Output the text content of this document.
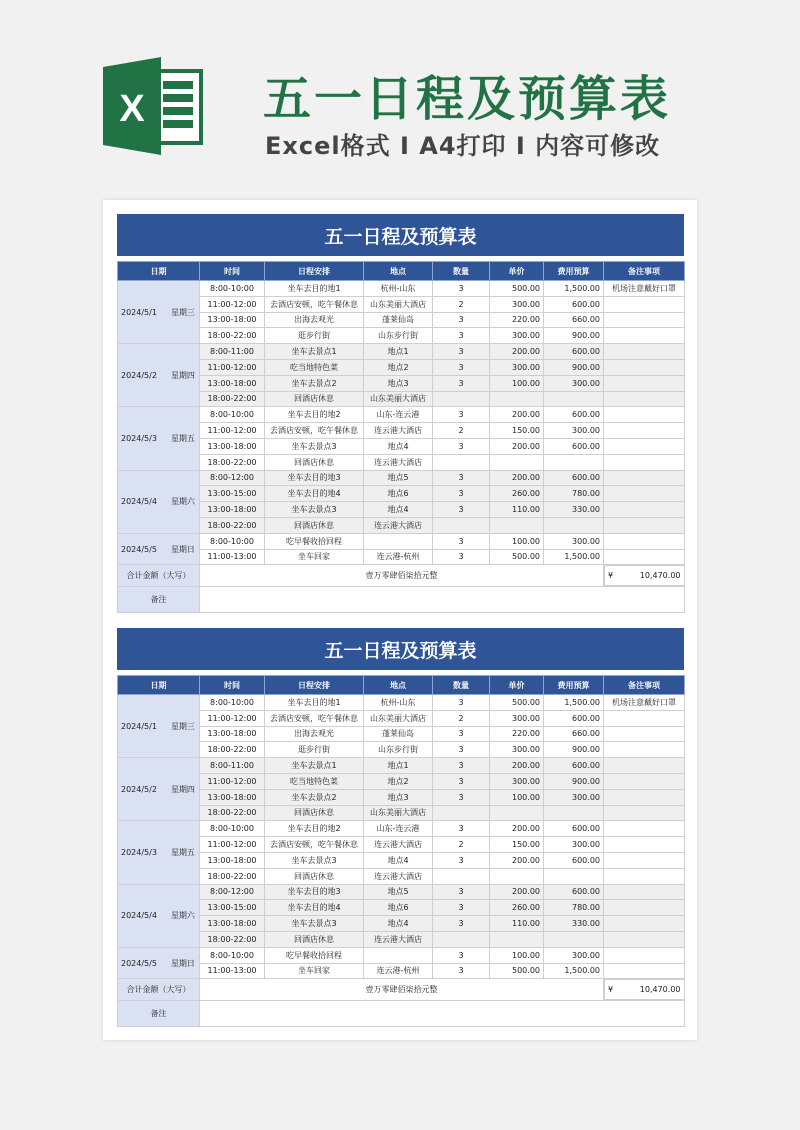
X 五一日程及预算表
Excel格式 I A4打印 I 内容可修改
五一日程及预算表
日期	时间	日程安排	地点	数量	单价	费用预算	备注事项
2024/5/1 星期三	8:00-10:00	坐车去目的地1	杭州-山东	3	500.00	1,500.00	机场注意戴好口罩
	11:00-12:00	去酒店安顿，吃午餐休息	山东美丽大酒店	2	300.00	600.00	
	13:00-18:00	出海去观光	蓬莱仙岛	3	220.00	660.00	
	18:00-22:00	逛步行街	山东步行街	3	300.00	900.00	
2024/5/2 星期四	8:00-11:00	坐车去景点1	地点1	3	200.00	600.00	
	11:00-12:00	吃当地特色菜	地点2	3	300.00	900.00	
	13:00-18:00	坐车去景点2	地点3	3	100.00	300.00	
	18:00-22:00	回酒店休息	山东美丽大酒店				
2024/5/3 星期五	8:00-10:00	坐车去目的地2	山东-连云港	3	200.00	600.00	
	11:00-12:00	去酒店安顿，吃午餐休息	连云港大酒店	2	150.00	300.00	
	13:00-18:00	坐车去景点3	地点4	3	200.00	600.00	
	18:00-22:00	回酒店休息	连云港大酒店				
2024/5/4 星期六	8:00-12:00	坐车去目的地3	地点5	3	200.00	600.00	
	13:00-15:00	坐车去目的地4	地点6	3	260.00	780.00	
	13:00-18:00	坐车去景点3	地点4	3	110.00	330.00	
	18:00-22:00	回酒店休息	连云港大酒店				
2024/5/5 星期日	8:00-10:00	吃早餐收拾回程		3	100.00	300.00	
	11:00-13:00	坐车回家	连云港-杭州	3	500.00	1,500.00	
合计金额（大写）	壹万零肆佰柒拾元整		¥	10,470.00

备注							
五一日程及预算表
日期	时间	日程安排	地点	数量	单价	费用预算	备注事项
2024/5/1 星期三	8:00-10:00	坐车去目的地1	杭州-山东	3	500.00	1,500.00	机场注意戴好口罩
	11:00-12:00	去酒店安顿，吃午餐休息	山东美丽大酒店	2	300.00	600.00	
	13:00-18:00	出海去观光	蓬莱仙岛	3	220.00	660.00	
	18:00-22:00	逛步行街	山东步行街	3	300.00	900.00	
2024/5/2 星期四	8:00-11:00	坐车去景点1	地点1	3	200.00	600.00	
	11:00-12:00	吃当地特色菜	地点2	3	300.00	900.00	
	13:00-18:00	坐车去景点2	地点3	3	100.00	300.00	
	18:00-22:00	回酒店休息	山东美丽大酒店				
2024/5/3 星期五	8:00-10:00	坐车去目的地2	山东-连云港	3	200.00	600.00	
	11:00-12:00	去酒店安顿，吃午餐休息	连云港大酒店	2	150.00	300.00	
	13:00-18:00	坐车去景点3	地点4	3	200.00	600.00	
	18:00-22:00	回酒店休息	连云港大酒店				
2024/5/4 星期六	8:00-12:00	坐车去目的地3	地点5	3	200.00	600.00	
	13:00-15:00	坐车去目的地4	地点6	3	260.00	780.00	
	13:00-18:00	坐车去景点3	地点4	3	110.00	330.00	
	18:00-22:00	回酒店休息	连云港大酒店				
2024/5/5 星期日	8:00-10:00	吃早餐收拾回程		3	100.00	300.00	
	11:00-13:00	坐车回家	连云港-杭州	3	500.00	1,500.00	
合计金额（大写）	壹万零肆佰柒拾元整		¥	10,470.00

备注							
